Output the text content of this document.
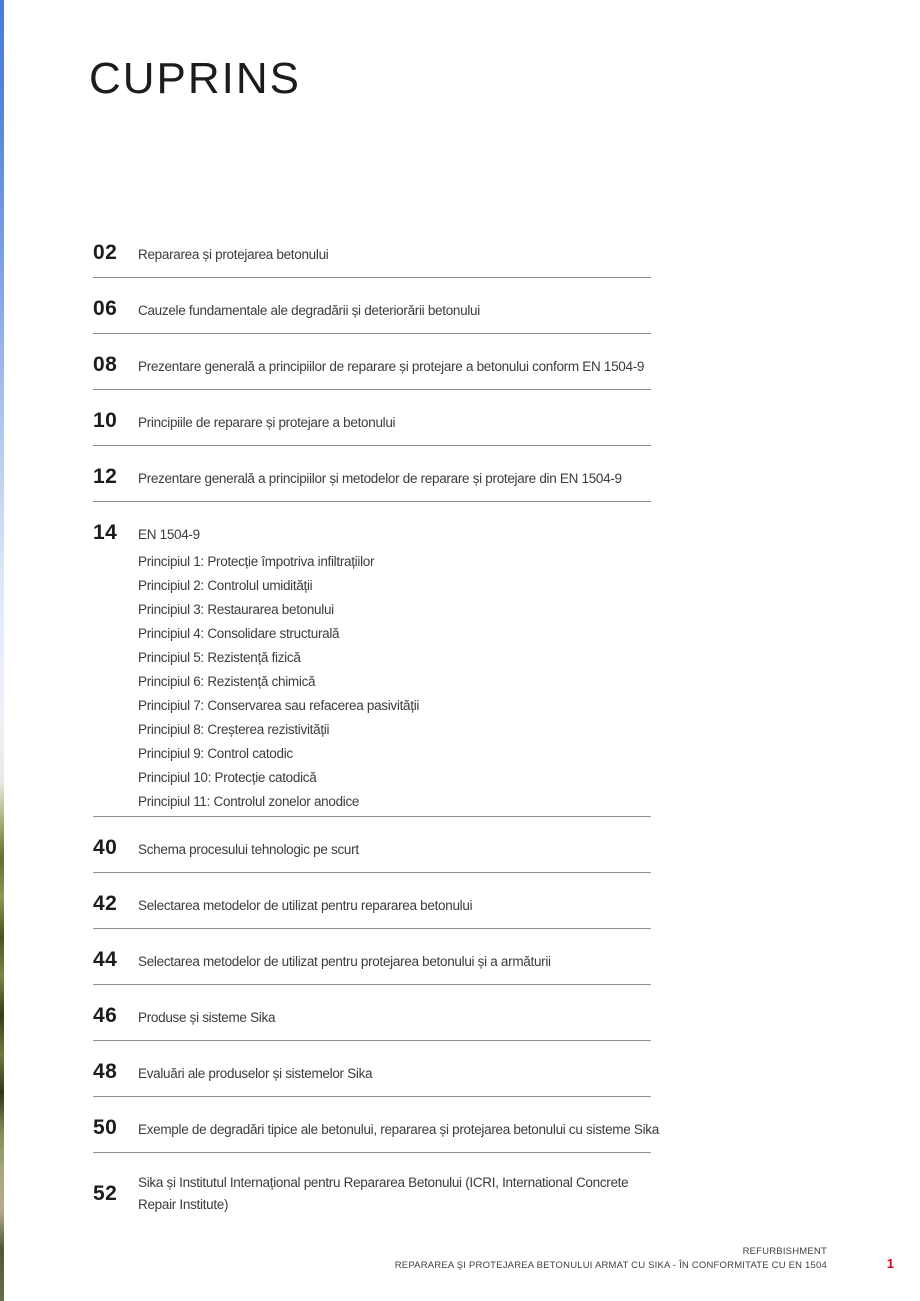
CUPRINS
02	Repararea și protejarea betonului
06	Cauzele fundamentale ale degradării și deteriorării betonului
08	Prezentare generală a principiilor de reparare și protejare a betonului conform EN 1504-9
10	Principiile de reparare și protejare a betonului
12	Prezentare generală a principiilor și metodelor de reparare și protejare din EN 1504-9
14	EN 1504-9
Principiul 1: Protecție împotriva infiltrațiilor
Principiul 2: Controlul umidității
Principiul 3: Restaurarea betonului
Principiul 4: Consolidare structurală
Principiul 5: Rezistență fizică
Principiul 6: Rezistență chimică
Principiul 7: Conservarea sau refacerea pasivității
Principiul 8: Creșterea rezistivității
Principiul 9: Control catodic
Principiul 10: Protecție catodică
Principiul 11: Controlul zonelor anodice
40	Schema procesului tehnologic pe scurt
42	Selectarea metodelor de utilizat pentru repararea betonului
44	Selectarea metodelor de utilizat pentru protejarea betonului și a armăturii
46	Produse și sisteme Sika
48	Evaluări ale produselor și sistemelor Sika
50	Exemple de degradări tipice ale betonului, repararea și protejarea betonului cu sisteme Sika
52	Sika și Institutul Internațional pentru Repararea Betonului (ICRI, International Concrete Repair Institute)
REFURBISHMENT
REPARAREA ŞI PROTEJAREA BETONULUI ARMAT CU SIKA - ÎN CONFORMITATE CU EN 1504	1
